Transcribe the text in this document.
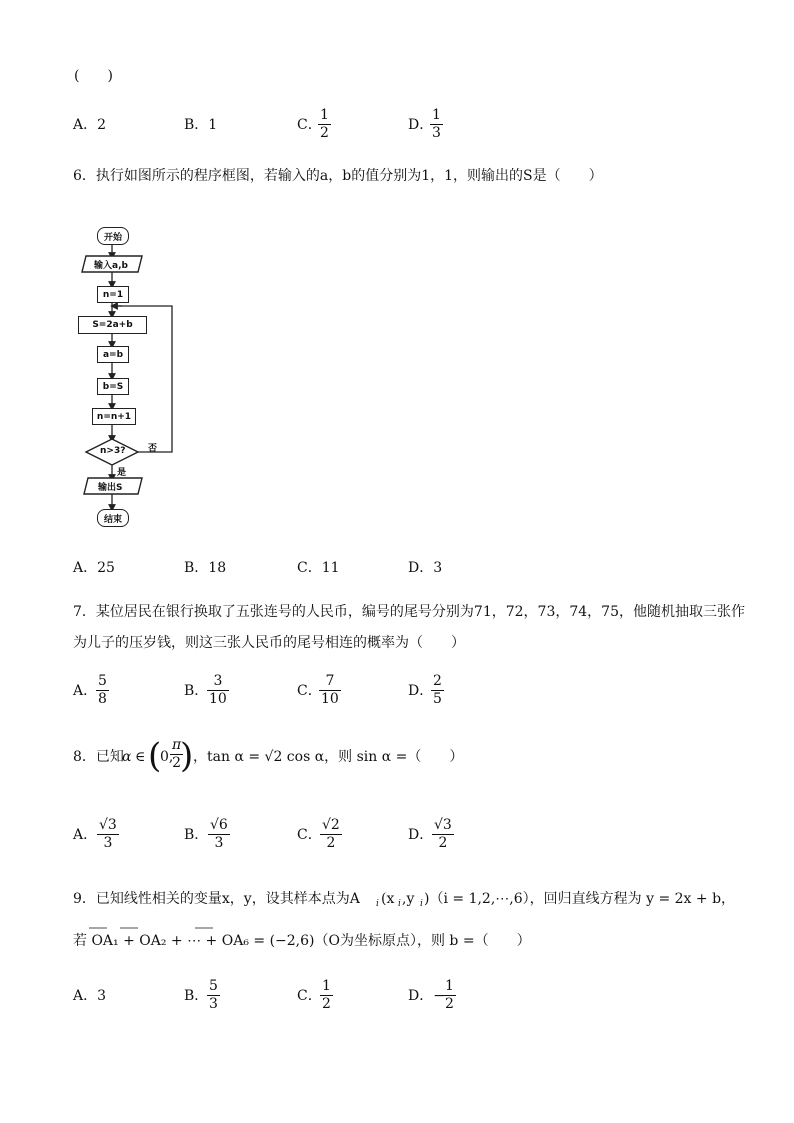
(　　)
A．2	B．1	C．
1
2	D．
1
3
6．执行如图所示的程序框图，若输入的a，b的值分别为1，1，则输出的S是（　　）
开始
输入a,b
n=1
S=2a+b
a=b
b=S
n=n+1
n>3?	否
是
输出S
结束
A．25	B．18	C．11	D．3
7．某位居民在银行换取了五张连号的人民币，编号的尾号分别为71，72，73，74，75，他随机抽取三张作
为儿子的压岁钱，则这三张人民币的尾号相连的概率为（　　）
A．
5
8	B．
3
10	C．
7
10	D．
2
5
8．已知
α ∈ (
0,
π
2
) ，tan α = √2 cos α，则 sin α =（　　）
A．
√3
3	B．
√6
3	C．
√2
2	D．
√3
2
9．已知线性相关的变量x，y，设其样本点为A i (x i ,y i )（i = 1,2,⋯,6），回归直线方程为 y = 2x + b，
若 OA₁ + OA₂ + ⋯ + OA₆ = (−2,6)（O为坐标原点），则 b =（　　）
A．3	B．
5
3	C．
1
2	D．−
1
2
